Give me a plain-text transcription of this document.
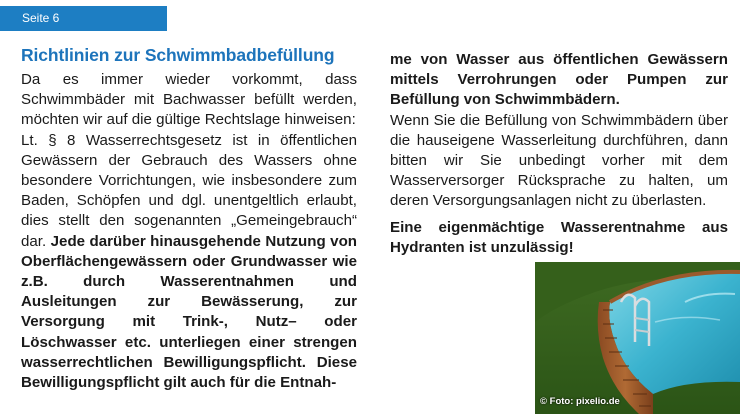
Seite 6
Richtlinien zur Schwimmbadbefüllung

Da es immer wieder vorkommt, dass Schwimmbäder mit Bachwasser befüllt werden, möchten wir auf die gültige Rechtslage hinweisen:

Lt. § 8 Wasserrechtsgesetz ist in öffentlichen Gewässern der Gebrauch des Wassers ohne besondere Vorrichtungen, wie insbesondere zum Baden, Schöpfen und dgl. unentgeltlich erlaubt, dies stellt den sogenannten „Gemeingebrauch“ dar. Jede darüber hinausgehende Nutzung von Oberflächengewässern oder Grundwasser wie z.B. durch Wasserentnahmen und Ausleitungen zur Bewässerung, zur Versorgung mit Trink-, Nutz– oder Löschwasser etc. unterliegen einer strengen wasserrechtlichen Bewilligungspflicht. Diese Bewilligungspflicht gilt auch für die Entnah-

me von Wasser aus öffentlichen Gewässern mittels Verrohrungen oder Pumpen zur Befüllung von Schwimmbädern.

Wenn Sie die Befüllung von Schwimmbädern über die hauseigene Wasserleitung durchführen, dann bitten wir Sie unbedingt vorher mit dem Wasserversorger Rücksprache zu halten, um deren Versorgungsanlagen nicht zu überlasten.

Eine eigenmächtige Wasserentnahme aus Hydranten ist unzulässig!

© Foto: pixelio.de
